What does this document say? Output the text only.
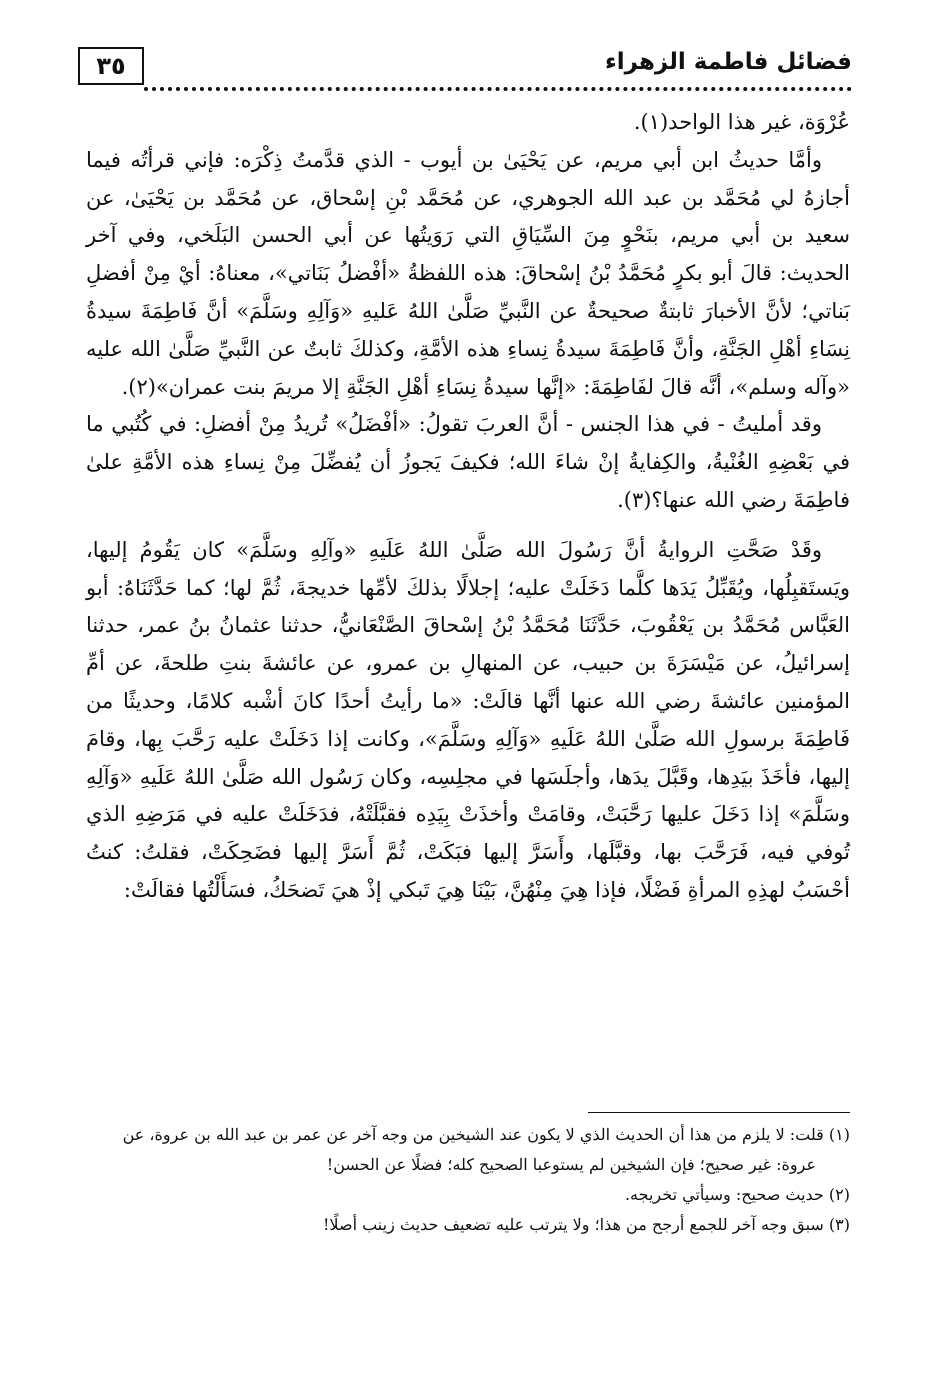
٣٥	فضائل فاطمة الزهراء

عُرْوَة، غير هذا الواحد(١).

وأمَّا حديثُ ابن أبي مريم، عن يَحْيَىٰ بن أيوب - الذي قدَّمتُ ذِكْرَه: فإني قرأتُه فيما أجازهُ لي مُحَمَّد بن عبد الله الجوهري، عن مُحَمَّد بْنِ إسْحاق، عن مُحَمَّد بن يَحْيَىٰ، عن سعيد بن أبي مريم، بنَحْوٍ مِنَ السِّيَاقِ التي رَوَيتُها عن أبي الحسن البَلَخي، وفي آخر الحديث: قالَ أبو بكرٍ مُحَمَّدُ بْنُ إسْحاقَ: هذه اللفظةُ «أفْضلُ بَنَاتي»، معناهُ: أيْ مِنْ أفضلِ بَناتي؛ لأنَّ الأخبارَ ثابتةٌ صحيحةٌ عن النَّبيِّ صَلَّىٰ اللهُ عَليهِ «وَآلِهِ وسَلَّمَ» أنَّ فَاطِمَةَ سيدةُ نِسَاءِ أهْلِ الجَنَّةِ، وأنَّ فَاطِمَةَ سيدةُ نِساءِ هذه الأمَّةِ، وكذلكَ ثابتٌ عن النَّبيِّ صَلَّىٰ الله عليه «وآله وسلم»، أنَّه قالَ لفَاطِمَةَ: «إنَّها سيدةُ نِسَاءِ أهْلِ الجَنَّةِ إلا مريمَ بنت عمران»(٢).

وقد أمليتُ - في هذا الجنس - أنَّ العربَ تقولُ: «أفْضَلُ» تُريدُ مِنْ أفضلِ: في كُتُبي ما في بَعْضِهِ الغُنْيةُ، والكِفايةُ إنْ شاءَ الله؛ فكيفَ يَجوزُ أن يُفضِّلَ مِنْ نِساءِ هذه الأمَّةِ علىٰ فاطِمَةَ رضي الله عنها؟(٣).

وقَدْ صَحَّتِ الروايةُ أنَّ رَسُولَ الله صَلَّىٰ اللهُ عَلَيهِ «وآلِهِ وسَلَّمَ» كان يَقُومُ إليها، ويَستَقبِلُها، ويُقَبِّلُ يَدَها كلَّما دَخَلَتْ عليه؛ إجلالًا بذلكَ لأمِّها خديجةَ، ثُمَّ لها؛ كما حَدَّثَنَاهُ: أبو العَبَّاس مُحَمَّدُ بن يَعْقُوبَ، حَدَّثَنَا مُحَمَّدُ بْنُ إسْحاقَ الصَّنْعَانيُّ، حدثنا عثمانُ بنُ عمر، حدثنا إسرائيلُ، عن مَيْسَرَةَ بن حبيب، عن المنهالِ بن عمرو، عن عائشةَ بنتِ طلحةَ، عن أمِّ المؤمنين عائشةَ رضي الله عنها أنَّها قالَتْ: «ما رأيتُ أحدًا كانَ أشْبه كلامًا، وحديثًا من فَاطِمَةَ برسولِ الله صَلَّىٰ اللهُ عَلَيهِ «وَآلِهِ وسَلَّمَ»، وكانت إذا دَخَلَتْ عليه رَحَّبَ بِها، وقامَ إليها، فأخَذَ بيَدِها، وقَبَّلَ يدَها، وأجلَسَها في مجلِسِه، وكان رَسُول الله صَلَّىٰ اللهُ عَلَيهِ «وَآلِهِ وسَلَّمَ» إذا دَخَلَ عليها رَحَّبَتْ، وقامَتْ وأخذَتْ بِيَدِه فقبَّلَتْهُ، فدَخَلَتْ عليه في مَرَضِهِ الذي تُوفي فيه، فَرَحَّبَ بها، وقبَّلَها، وأَسَرَّ إليها فبَكَتْ، ثُمَّ أَسَرَّ إليها فضَحِكَتْ، فقلتُ: كنتُ أحْسَبُ لهذِهِ المرأةِ فَضْلًا، فإذا هِيَ مِنْهُنَّ، بَيْنَا هِيَ تَبكي إذْ هيَ تَضحَكُ، فسَأَلْتُها فقالَتْ:

(١) قلت: لا يلزم من هذا أن الحديث الذي لا يكون عند الشيخين من وجه آخر عن عمر بن عبد الله بن عروة، عن

عروة: غير صحيح؛ فإن الشيخين لم يستوعبا الصحيح كله؛ فضلًا عن الحسن!

(٢) حديث صحيح: وسيأتي تخريجه.

(٣) سبق وجه آخر للجمع أرجح من هذا؛ ولا يترتب عليه تضعيف حديث زينب أصلًا!
